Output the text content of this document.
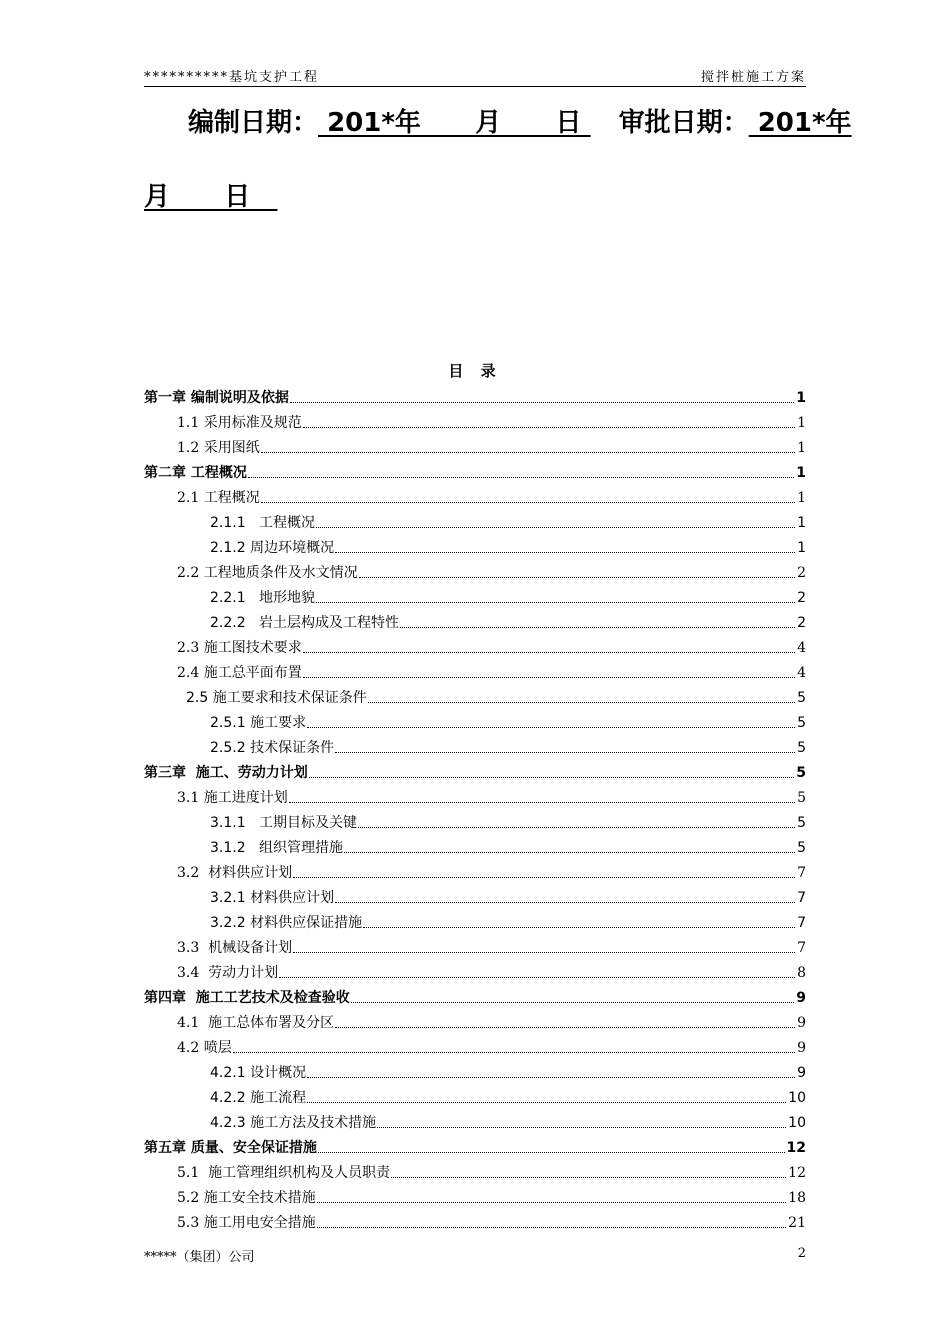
**********基坑支护工程	搅拌桩施工方案
编制日期： 201*年      月      日 审批日期： 201*年
月      日
目 录
第一章 编制说明及依据	1
1.1 采用标准及规范	1
1.2 采用图纸	1
第二章 工程概况	1
2.1 工程概况	1
2.1.1   工程概况	1
2.1.2 周边环境概况	1
2.2 工程地质条件及水文情况	2
2.2.1   地形地貌	2
2.2.2   岩土层构成及工程特性	2
2.3 施工图技术要求	4
2.4 施工总平面布置	4
2.5 施工要求和技术保证条件	5
2.5.1 施工要求	5
2.5.2 技术保证条件	5
第三章  施工、劳动力计划	5
3.1 施工进度计划	5
3.1.1   工期目标及关键	5
3.1.2   组织管理措施	5
3.2  材料供应计划	7
3.2.1 材料供应计划	7
3.2.2 材料供应保证措施	7
3.3  机械设备计划	7
3.4  劳动力计划	8
第四章  施工工艺技术及检查验收	9
4.1  施工总体布署及分区	9
4.2 喷层	9
4.2.1 设计概况	9
4.2.2 施工流程	10
4.2.3 施工方法及技术措施	10
第五章 质量、安全保证措施	12
5.1  施工管理组织机构及人员职责	12
5.2 施工安全技术措施	18
5.3 施工用电安全措施	21
*****（集团）公司	2
